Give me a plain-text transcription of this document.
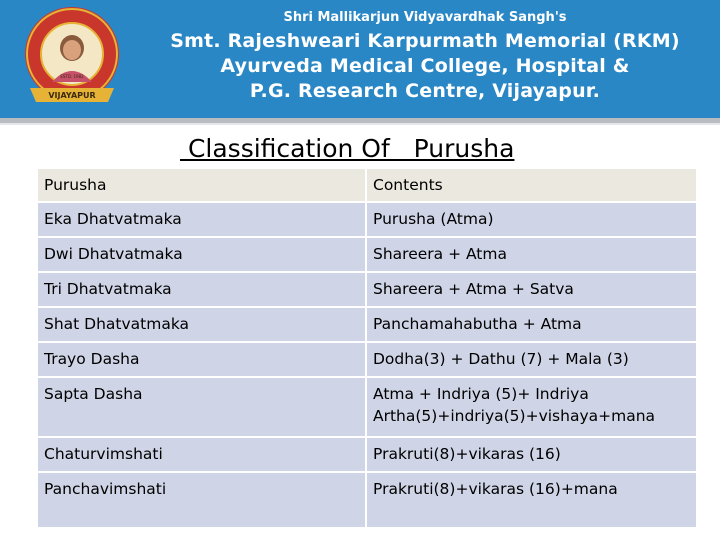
VIJAYAPUR
ESTD. 1982
Shri Mallikarjun Vidyavardhak Sangh's
Smt. Rajeshweari Karpurmath Memorial (RKM)
Ayurveda Medical College, Hospital &
P.G. Research Centre, Vijayapur.
Classification Of   Purusha
Purusha	Contents
Eka Dhatvatmaka	Purusha (Atma)
Dwi Dhatvatmaka	Shareera + Atma
Tri Dhatvatmaka	Shareera + Atma + Satva
Shat Dhatvatmaka	Panchamahabutha + Atma
Trayo Dasha	Dodha(3) + Dathu (7) + Mala (3)
Sapta Dasha	Atma + Indriya (5)+ Indriya Artha(5)+indriya(5)+vishaya+mana
Chaturvimshati	Prakruti(8)+vikaras (16)
Panchavimshati	Prakruti(8)+vikaras (16)+mana
